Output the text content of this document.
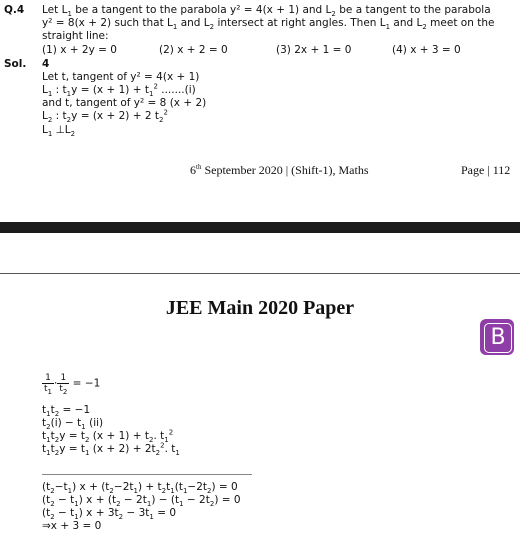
Q.4 Let $L_1$ be a tangent to the parabola y² = 4(x + 1) and $L_2$ be a tangent to the parabola
y² = 8(x + 2) such that $L_1$ and $L_2$ intersect at right angles. Then $L_1$ and $L_2$ meet on the
straight line:
(1) x + 2y = 0	(2) x + 2 = 0	(3) 2x + 1 = 0	(4) x + 3 = 0
Sol. 4
Let t, tangent of y² = 4(x + 1)
$L_1$ : $t_1y = (x + 1) + t_1^2$ .......(i)
and t, tangent of y² = 8 (x + 2)
$L_2$ : $t_2y = (x + 2) + 2$ $t_2^2$
$L_1$ $\perp L_2$
6th September 2020 | (Shift-1), Maths	Page | 112
JEE Main 2020 Paper
B
$\frac{1}{t_1} \cdot \frac{1}{t_2} = -1$
$t_1t_2 = -1$
$t_2(i) - t_1$ (ii)
$t_1t_2y = t_2$ $(x + 1) + t_2$. $t_1^2$
$t_1t_2y = t_1$ $(x + 2) + 2t_2^2$. $t_1$
$(t_2-t_1) x + (t_2-2t_1) + t_2t_1(t_1-2t_2) = 0$
$(t_2 - t_1) x + (t_2 - 2t_1) - (t_1 - 2t_2) = 0$
$(t_2 - t_1) x + 3t_2 - 3t_1 = 0$
⇒x + 3 = 0
